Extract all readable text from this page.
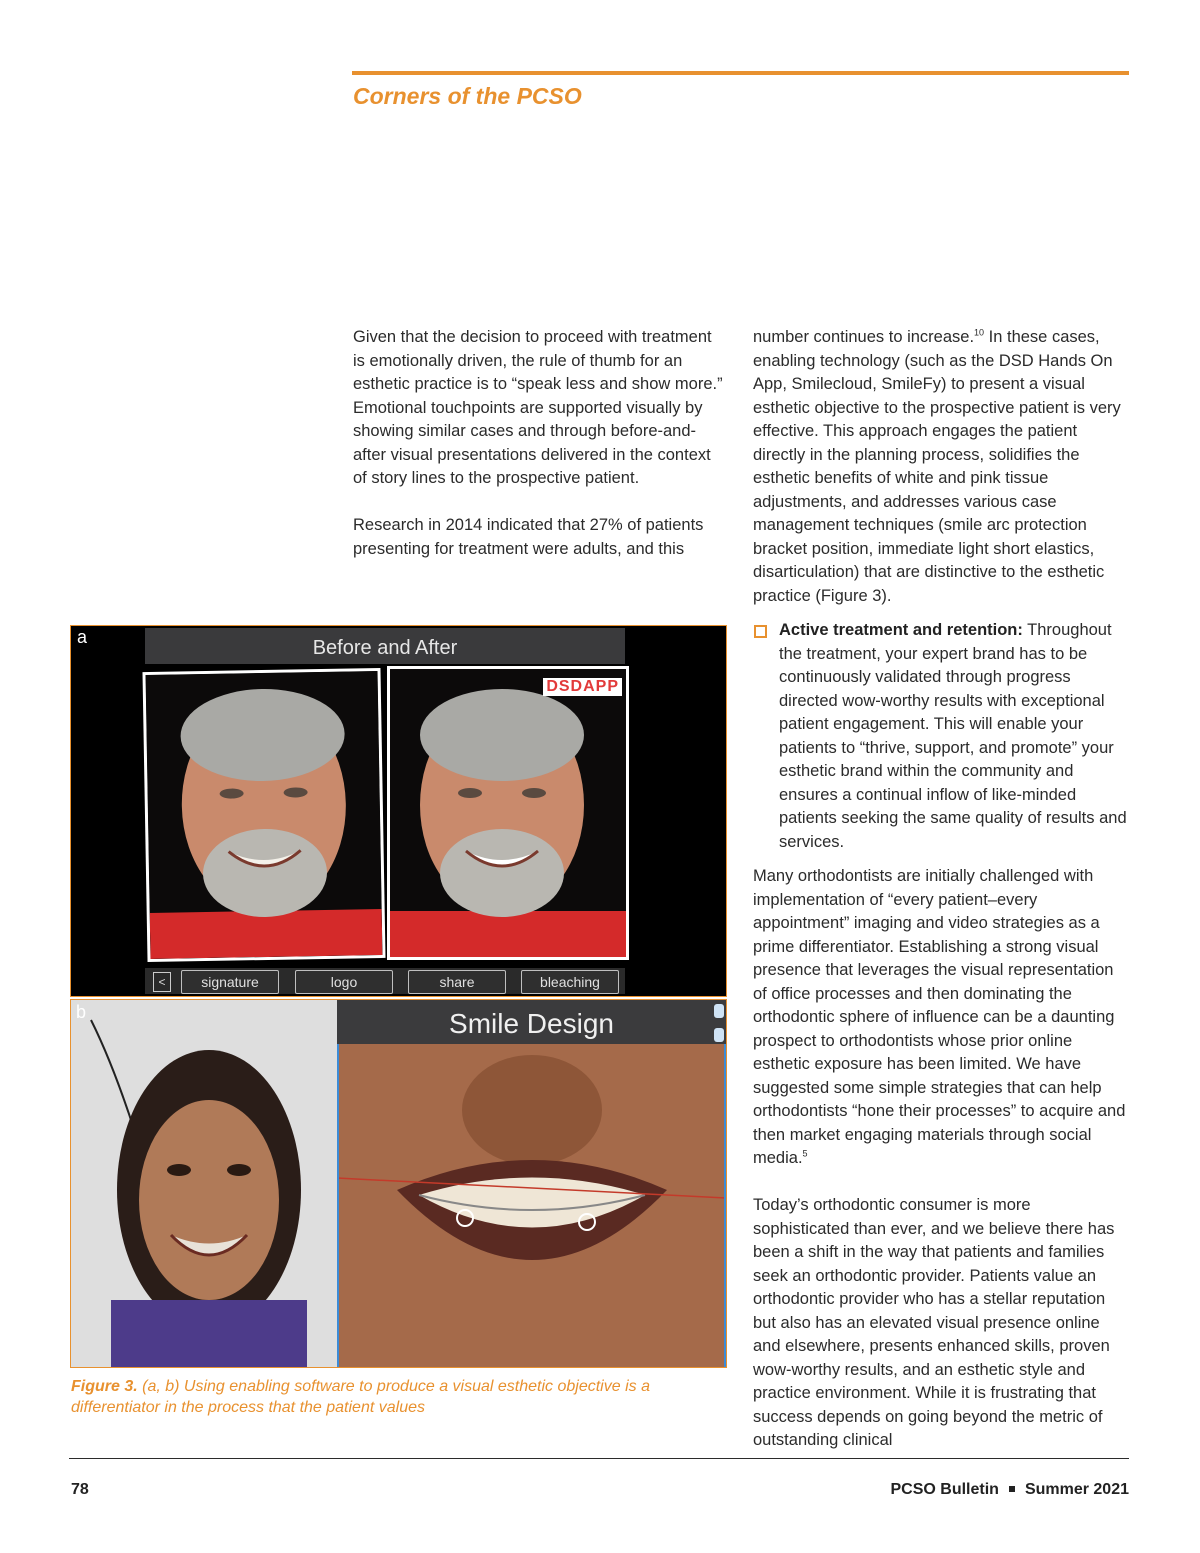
Corners of the PCSO

Given that the decision to proceed with treatment is emotionally driven, the rule of thumb for an esthetic practice is to “speak less and show more.” Emotional touchpoints are supported visually by showing similar cases and through before-and-after visual presentations delivered in the context of story lines to the prospective patient.

Research in 2014 indicated that 27% of patients presenting for treatment were adults, and this

number continues to increase.$^{10}$ In these cases, enabling technology (such as the DSD Hands On App, Smilecloud, SmileFy) to present a visual esthetic objective to the prospective patient is very effective. This approach engages the patient directly in the planning process, solidifies the esthetic benefits of white and pink tissue adjustments, and addresses various case management techniques (smile arc protection bracket position, immediate light short elastics, disarticulation) that are distinctive to the esthetic practice (Figure 3).

Active treatment and retention: Throughout the treatment, your expert brand has to be continuously validated through progress directed wow-worthy results with exceptional patient engagement. This will enable your patients to “thrive, support, and promote” your esthetic brand within the community and ensures a continual inflow of like-minded patients seeking the same quality of results and services.

Many orthodontists are initially challenged with implementation of “every patient–every appointment” imaging and video strategies as a prime differentiator. Establishing a strong visual presence that leverages the visual representation of office processes and then dominating the orthodontic sphere of influence can be a daunting prospect to orthodontists whose prior online esthetic exposure has been limited. We have suggested some simple strategies that can help orthodontists “hone their processes” to acquire and then market engaging materials through social media.$^5$

Today’s orthodontic consumer is more sophisticated than ever, and we believe there has been a shift in the way that patients and families seek an orthodontic provider. Patients value an orthodontic provider who has a stellar reputation but also has an elevated visual presence online and elsewhere, presents enhanced skills, proven wow-worthy results, and an esthetic style and practice environment. While it is frustrating that success depends on going beyond the metric of outstanding clinical

a	Before and After
DSDAPP
<	signature	logo	share	bleaching
b	Smile Design

Figure 3. (a, b) Using enabling software to produce a visual esthetic objective is a differentiator in the process that the patient values

78	PCSO Bulletin Summer 2021
